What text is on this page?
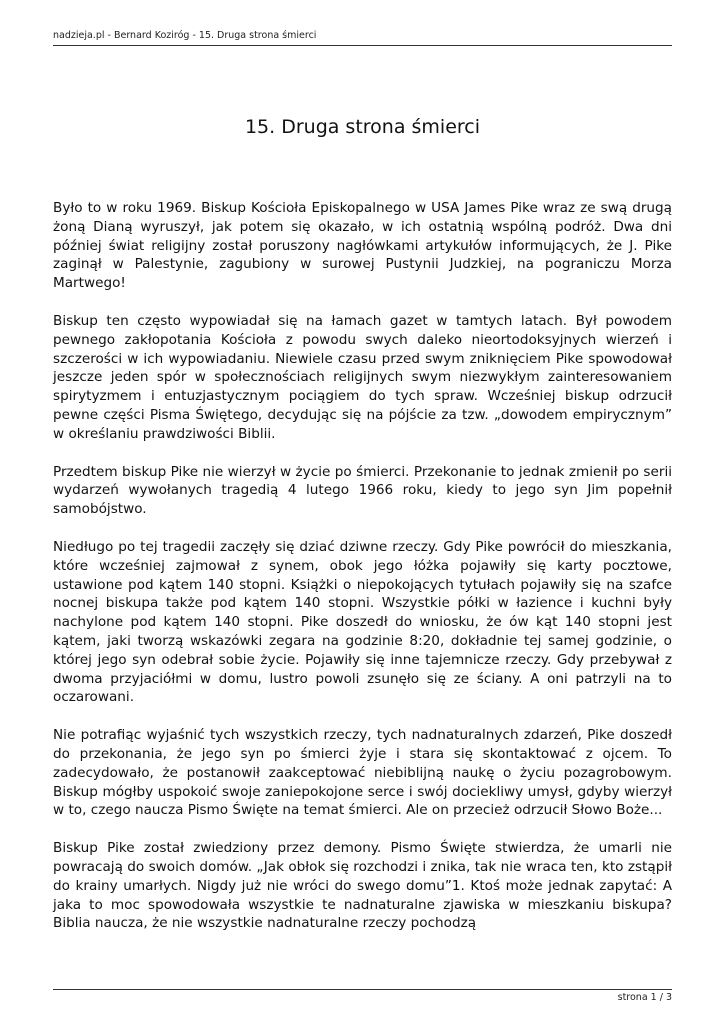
nadzieja.pl - Bernard Koziróg - 15. Druga strona śmierci
15. Druga strona śmierci

Było to w roku 1969. Biskup Kościoła Episkopalnego w USA James Pike wraz ze swą drugą żoną Dianą wyruszył, jak potem się okazało, w ich ostatnią wspólną podróż. Dwa dni później świat religijny został poruszony nagłówkami artykułów informujących, że J. Pike zaginął w Palestynie, zagubiony w surowej Pustynii Judzkiej, na pograniczu Morza Martwego!

Biskup ten często wypowiadał się na łamach gazet w tamtych latach. Był powodem pewnego zakłopotania Kościoła z powodu swych daleko nieortodoksyjnych wierzeń i szczerości w ich wypowiadaniu. Niewiele czasu przed swym zniknięciem Pike spowodował jeszcze jeden spór w społecznościach religijnych swym niezwykłym zainteresowaniem spirytyzmem i entuzjastycznym pociągiem do tych spraw. Wcześniej biskup odrzucił pewne części Pisma Świętego, decydując się na pójście za tzw. „dowodem empirycznym” w określaniu prawdziwości Biblii.

Przedtem biskup Pike nie wierzył w życie po śmierci. Przekonanie to jednak zmienił po serii wydarzeń wywołanych tragedią 4 lutego 1966 roku, kiedy to jego syn Jim popełnił samobójstwo.

Niedługo po tej tragedii zaczęły się dziać dziwne rzeczy. Gdy Pike powrócił do mieszkania, które wcześniej zajmował z synem, obok jego łóżka pojawiły się karty pocztowe, ustawione pod kątem 140 stopni. Książki o niepokojących tytułach pojawiły się na szafce nocnej biskupa także pod kątem 140 stopni. Wszystkie półki w łazience i kuchni były nachylone pod kątem 140 stopni. Pike doszedł do wniosku, że ów kąt 140 stopni jest kątem, jaki tworzą wskazówki zegara na godzinie 8:20, dokładnie tej samej godzinie, o której jego syn odebrał sobie życie. Pojawiły się inne tajemnicze rzeczy. Gdy przebywał z dwoma przyjaciółmi w domu, lustro powoli zsunęło się ze ściany. A oni patrzyli na to oczarowani.

Nie potrafiąc wyjaśnić tych wszystkich rzeczy, tych nadnaturalnych zdarzeń, Pike doszedł do przekonania, że jego syn po śmierci żyje i stara się skontaktować z ojcem. To zadecydowało, że postanowił zaakceptować niebiblijną naukę o życiu pozagrobowym. Biskup mógłby uspokoić swoje zaniepokojone serce i swój dociekliwy umysł, gdyby wierzył w to, czego naucza Pismo Święte na temat śmierci. Ale on przecież odrzucił Słowo Boże...

Biskup Pike został zwiedziony przez demony. Pismo Święte stwierdza, że umarli nie powracają do swoich domów. „Jak obłok się rozchodzi i znika, tak nie wraca ten, kto zstąpił do krainy umarłych. Nigdy już nie wróci do swego domu”1. Ktoś może jednak zapytać: A jaka to moc spowodowała wszystkie te nadnaturalne zjawiska w mieszkaniu biskupa? Biblia naucza, że nie wszystkie nadnaturalne rzeczy pochodzą

strona 1 / 3
